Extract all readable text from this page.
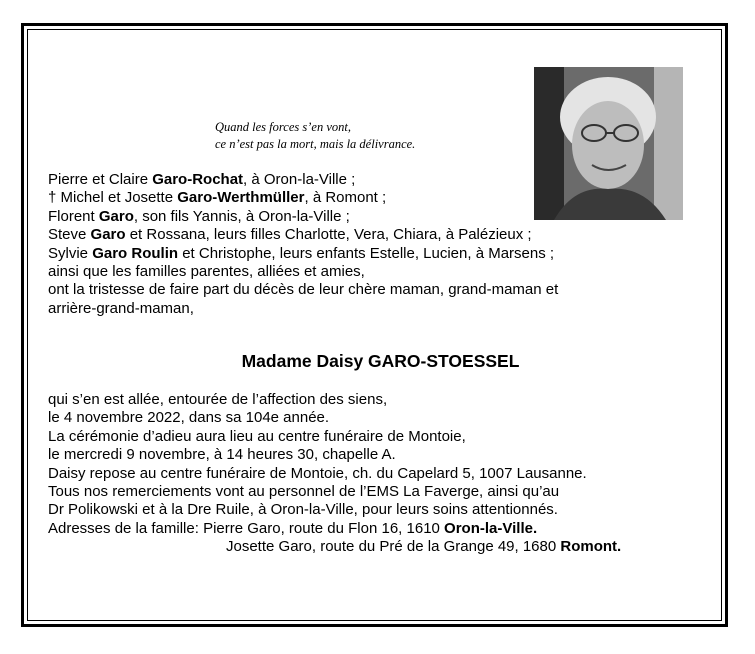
Quand les forces s’en vont,
ce n’est pas la mort, mais la délivrance.
Pierre et Claire Garo-Rochat, à Oron-la-Ville ;
† Michel et Josette Garo-Werthmüller, à Romont ;
Florent Garo, son fils Yannis, à Oron-la-Ville ;
Steve Garo et Rossana, leurs filles Charlotte, Vera, Chiara, à Palézieux ;
Sylvie Garo Roulin et Christophe, leurs enfants Estelle, Lucien, à Marsens ;
ainsi que les familles parentes, alliées et amies,
ont la tristesse de faire part du décès de leur chère maman, grand-maman et
arrière-grand-maman,
Madame Daisy GARO-STOESSEL
qui s’en est allée, entourée de l’affection des siens,
le 4 novembre 2022, dans sa 104e année.
La cérémonie d’adieu aura lieu au centre funéraire de Montoie,
le mercredi 9 novembre, à 14 heures 30, chapelle A.
Daisy repose au centre funéraire de Montoie, ch. du Capelard 5, 1007 Lausanne.
Tous nos remerciements vont au personnel de l’EMS La Faverge, ainsi qu’au
Dr Polikowski et à la Dre Ruile, à Oron-la-Ville, pour leurs soins attentionnés.
Adresses de la famille: Pierre Garo, route du Flon 16, 1610 Oron-la-Ville.
Josette Garo, route du Pré de la Grange 49, 1680 Romont.
